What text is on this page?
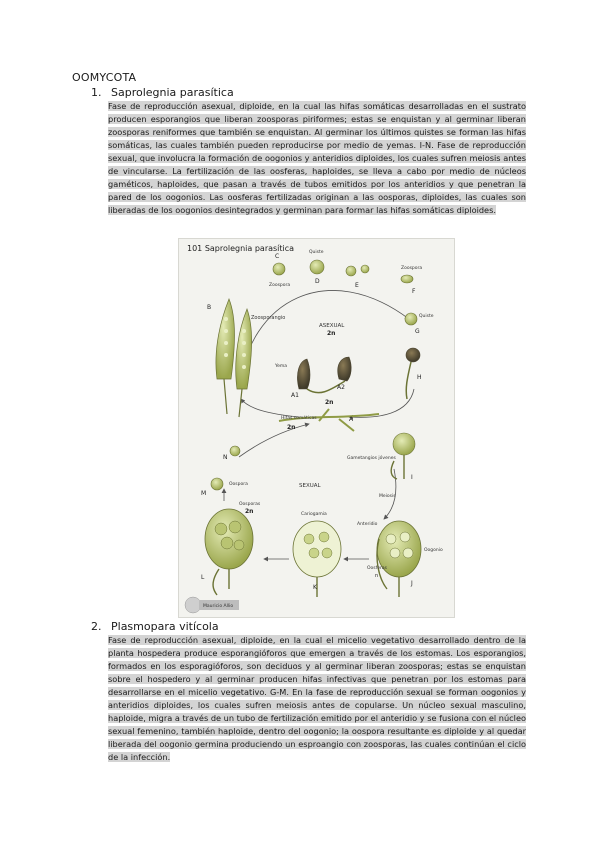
OOMYCOTA
1. Saprolegnia parasítica
Fase de reproducción asexual, diploide, en la cual las hifas somáticas desarrolladas en el sustrato producen esporangios que liberan zoosporas piriformes; estas se enquistan y al germinar liberan zoosporas reniformes que también se enquistan. Al germinar los últimos quistes se forman las hifas somáticas, las cuales también pueden reproducirse por medio de yemas. I-N. Fase de reproducción sexual, que involucra la formación de oogonios y anteridios diploides, los cuales sufren meiosis antes de vincularse. La fertilización de las oosferas, haploides, se lleva a cabo por medio de núcleos gaméticos, haploides, que pasan a través de tubos emitidos por los anteridios y que penetran la pared de los oogonios. Las oosferas fertilizadas originan a las oosporas, diploides, las cuales son liberadas de los oogonios desintegrados y germinan para formar las hifas somáticas diploides.
101 Saprolegnia parasítica
B
Zoosporangio
C
Zoospora
Quiste
D
E
Zoospora
F
Quiste
G
H
ASEXUAL
2n
Yema
A1
A2
2n
Hifas somáticas
2n
A
Gametangios jóvenes
I
Meiosis
SEXUAL
N
Oospora
M
Oosporas
2n
L
Cariogamia
K
Anteridio
Oogonio
Oosferas
n
J
Mauricio Allio
2. Plasmopara vitícola
Fase de reproducción asexual, diploide, en la cual el micelio vegetativo desarrollado dentro de la planta hospedera produce esporangióforos que emergen a través de los estomas. Los esporangios, formados en los esporagióforos, son deciduos y al germinar liberan zoosporas; estas se enquistan sobre el hospedero y al germinar producen hifas infectivas que penetran por los estomas para desarrollarse en el micelio vegetativo. G-M. En la fase de reproducción sexual se forman oogonios y anteridios diploides, los cuales sufren meiosis antes de copularse. Un núcleo sexual masculino, haploide, migra a través de un tubo de fertilización emitido por el anteridio y se fusiona con el núcleo sexual femenino, también haploide, dentro del oogonio; la oospora resultante es diploide y al quedar liberada del oogonio germina produciendo un esproangio con zoosporas, las cuales continúan el ciclo de la infección.
